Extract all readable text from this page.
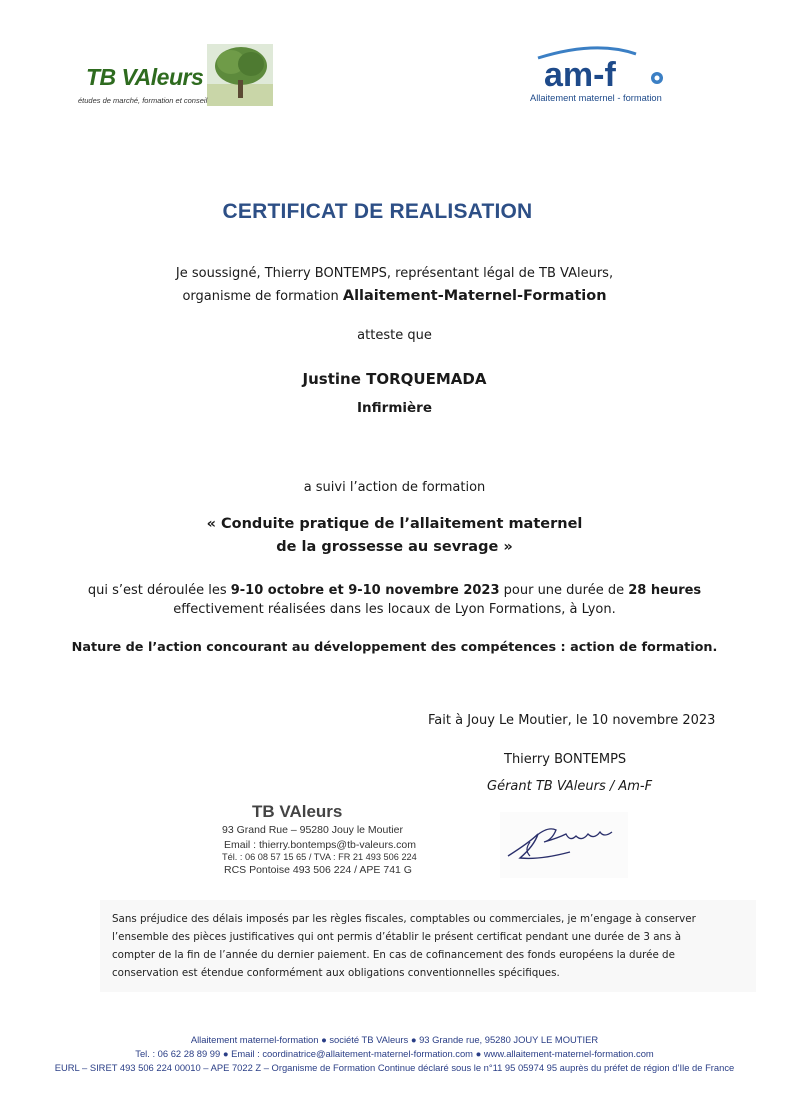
TB VAleurs
études de marché, formation et conseil
am-f
Allaitement maternel - formation
CERTIFICAT DE REALISATION
Je soussigné, Thierry BONTEMPS, représentant légal de TB VAleurs,
organisme de formation Allaitement-Maternel-Formation
atteste que
Justine TORQUEMADA
Infirmière
a suivi l’action de formation
« Conduite pratique de l’allaitement maternel
de la grossesse au sevrage »
qui s’est déroulée les 9-10 octobre et 9-10 novembre 2023 pour une durée de 28 heures
effectivement réalisées dans les locaux de Lyon Formations, à Lyon.
Nature de l’action concourant au développement des compétences : action de formation.
Fait à Jouy Le Moutier, le 10 novembre 2023
Thierry BONTEMPS
Gérant TB VAleurs / Am-F
TB VAleurs
93 Grand Rue – 95280 Jouy le Moutier
Email : thierry.bontemps@tb-valeurs.com
Tél. : 06 08 57 15 65 / TVA : FR 21 493 506 224
RCS Pontoise 493 506 224 / APE 741 G
Sans préjudice des délais imposés par les règles fiscales, comptables ou commerciales, je m’engage à conserver l’ensemble des pièces justificatives qui ont permis d’établir le présent certificat pendant une durée de 3 ans à compter de la fin de l’année du dernier paiement. En cas de cofinancement des fonds européens la durée de conservation est étendue conformément aux obligations conventionnelles spécifiques.
Allaitement maternel-formation ● société TB VAleurs ● 93 Grande rue, 95280 JOUY LE MOUTIER
Tel. : 06 62 28 89 99 ● Email : coordinatrice@allaitement-maternel-formation.com ● www.allaitement-maternel-formation.com
EURL – SIRET 493 506 224 00010 – APE 7022 Z – Organisme de Formation Continue déclaré sous le n°11 95 05974 95 auprès du préfet de région d’Ile de France
